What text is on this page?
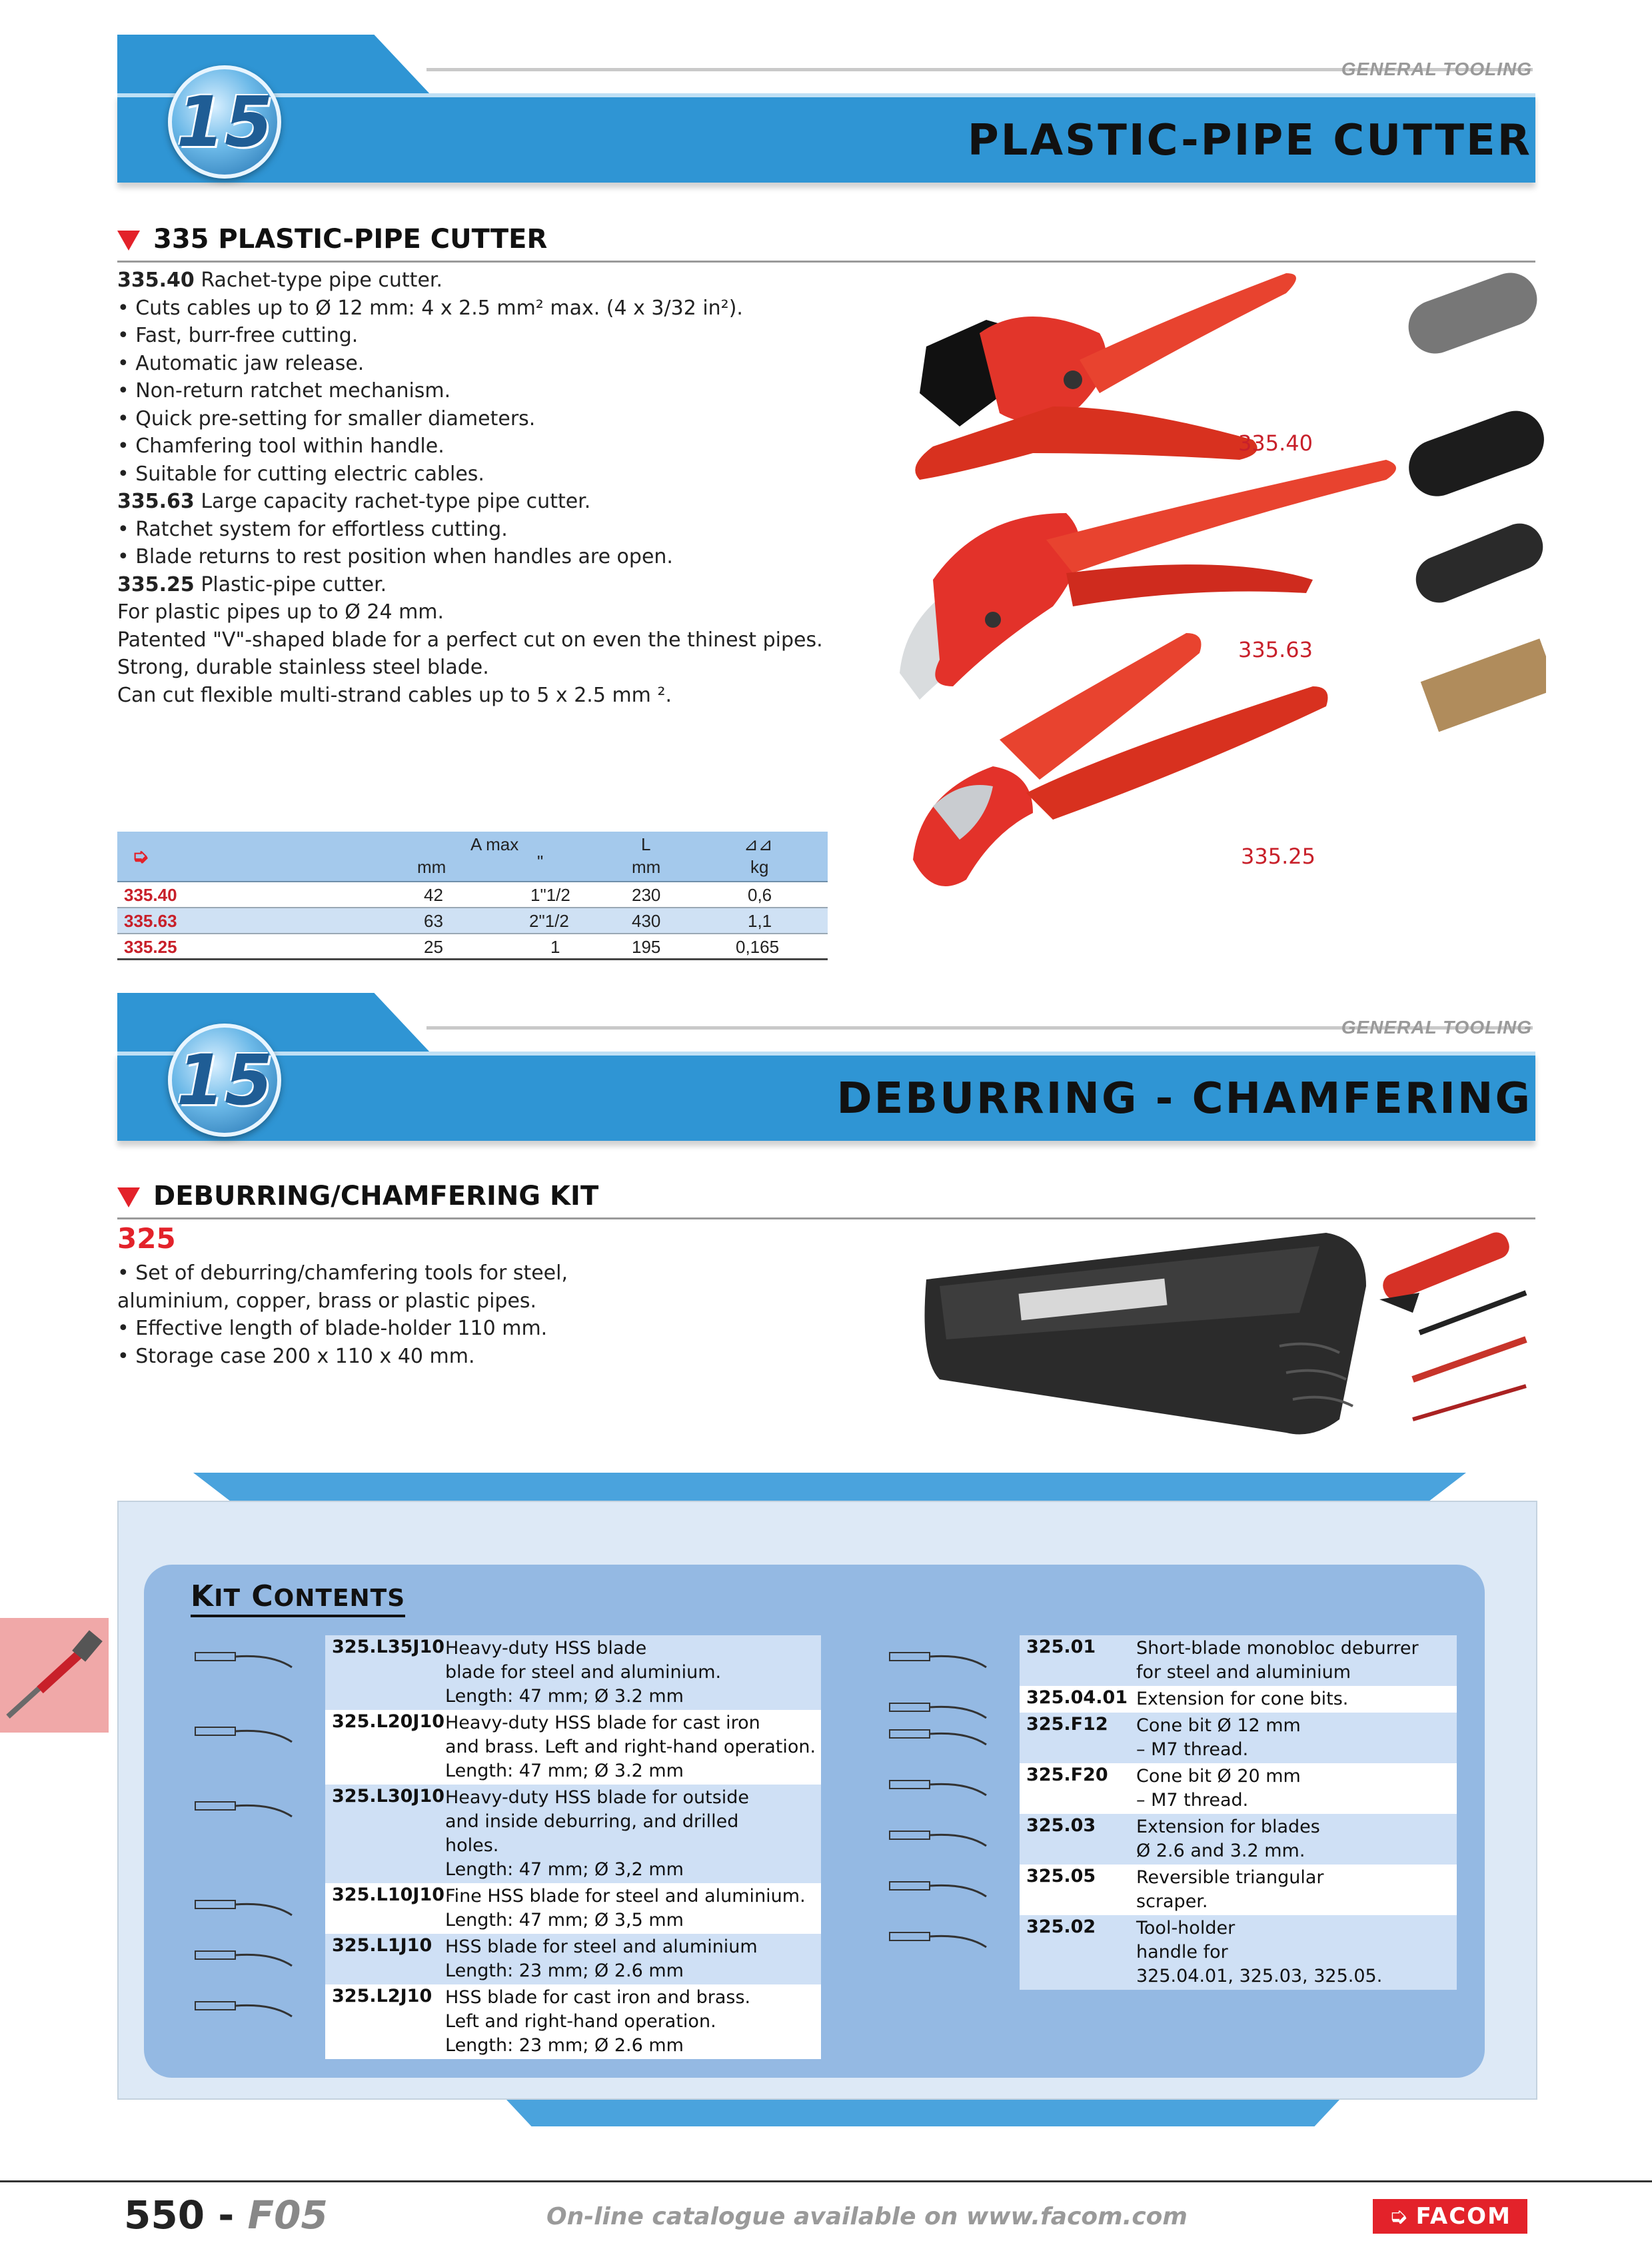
GENERAL TOOLING
15	PLASTIC-PIPE CUTTER
335 PLASTIC-PIPE CUTTER
335.40 Rachet-type pipe cutter.
• Cuts cables up to Ø 12 mm: 4 x 2.5 mm² max. (4 x 3/32 in²).
• Fast, burr-free cutting.
• Automatic jaw release.
• Non-return ratchet mechanism.
• Quick pre-setting for smaller diameters.
• Chamfering tool within handle.
• Suitable for cutting electric cables.
335.63 Large capacity rachet-type pipe cutter.
• Ratchet system for effortless cutting.
• Blade returns to rest position when handles are open.
335.25 Plastic-pipe cutter.
For plastic pipes up to Ø 24 mm.
Patented "V"-shaped blade for a perfect cut on even the thinest pipes.
Strong, durable stainless steel blade.
Can cut flexible multi-strand cables up to 5 x 2.5 mm ².
335.40
335.63
335.25
➭
A max	L	⊿⊿
mm	"	mm	kg
335.40	42	1"1/2	230	0,6
335.63	63	2"1/2	430	1,1
335.25	25	1	195	0,165
GENERAL TOOLING
15	DEBURRING - CHAMFERING
DEBURRING/CHAMFERING KIT
325
• Set of deburring/chamfering tools for steel,
aluminium, copper, brass or plastic pipes.
• Effective length of blade-holder 110 mm.
• Storage case 200 x 110 x 40 mm.
KIT CONTENTS
325.L35J10 Heavy-duty HSS blade
blade for steel and aluminium.
Length: 47 mm; Ø 3.2 mm
325.L20J10 Heavy-duty HSS blade for cast iron
and brass. Left and right-hand operation.
Length: 47 mm; Ø 3.2 mm
325.L30J10 Heavy-duty HSS blade for outside
and inside deburring, and drilled
holes.
Length: 47 mm; Ø 3,2 mm
325.L10J10 Fine HSS blade for steel and aluminium.
Length: 47 mm; Ø 3,5 mm
325.L1J10 HSS blade for steel and aluminium
Length: 23 mm; Ø 2.6 mm
325.L2J10 HSS blade for cast iron and brass.
Left and right-hand operation.
Length: 23 mm; Ø 2.6 mm
325.01 Short-blade monobloc deburrer
for steel and aluminium
325.04.01 Extension for cone bits.
325.F12 Cone bit Ø 12 mm
– M7 thread.
325.F20 Cone bit Ø 20 mm
– M7 thread.
325.03 Extension for blades
Ø 2.6 and 3.2 mm.
325.05 Reversible triangular
scraper.
325.02 Tool-holder
handle for
325.04.01, 325.03, 325.05.
550 - F05	On-line catalogue available on www.facom.com	➭ FACOM
